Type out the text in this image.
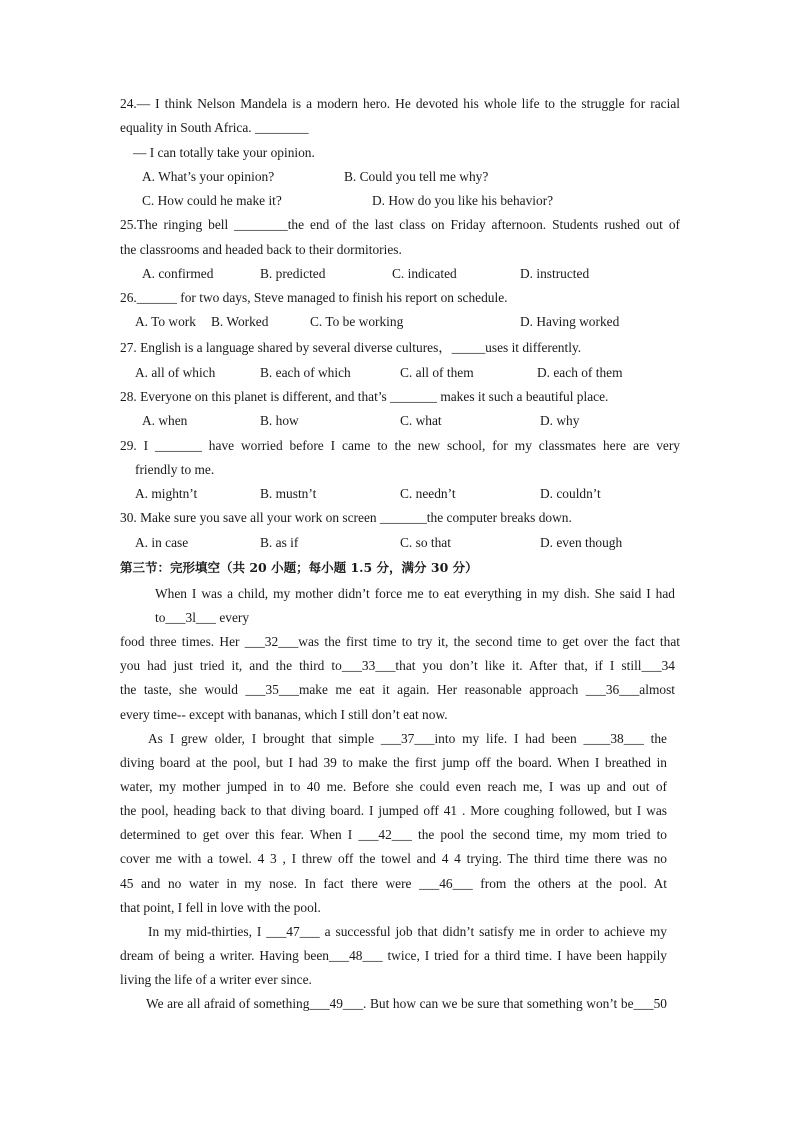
24.— I think Nelson Mandela is a modern hero. He devoted his whole life to the struggle for racial
equality in South Africa. ________
— I can totally take your opinion.
A. What’s your opinion?	B. Could you tell me why?
C. How could he make it?	D. How do you like his behavior?
25.The ringing bell ________the end of the last class on Friday afternoon. Students rushed out of
the classrooms and headed back to their dormitories.
A. confirmed	B. predicted	C. indicated	D. instructed
26.______ for two days, Steve managed to finish his report on schedule.
A. To work B. Worked	C. To be working	D. Having worked
27. English is a language shared by several diverse cultures，_____uses it differently.
A. all of which	B. each of which	C. all of them	D. each of them
28. Everyone on this planet is different, and that’s _______ makes it such a beautiful place.
A. when	B. how	C. what	D. why
29. I _______ have worried before I came to the new school, for my classmates here are very
friendly to me.
A. mightn’t	B. mustn’t	C. needn’t	D. couldn’t
30. Make sure you save all your work on screen _______the computer breaks down.
A. in case	B. as if	C. so that	D. even though
第三节：完形填空（共 20 小题；每小题 1.5 分，满分 30 分）
When I was a child, my mother didn’t force me to eat everything in my dish. She said I had
to___3l___ every
food three times. Her ___32___was the first time to try it, the second time to get over the fact that
you had just tried it, and the third to___33___that you don’t like it. After that, if I still___34
the taste, she would ___35___make me eat it again. Her reasonable approach ___36___almost
every time-- except with bananas, which I still don’t eat now.
As I grew older, I brought that simple ___37___into my life. I had been ____38___ the
diving board at the pool, but I had 39 to make the first jump off the board. When I breathed in
water, my mother jumped in to 40 me. Before she could even reach me, I was up and out of
the pool, heading back to that diving board. I jumped off 41 . More coughing followed, but I was
determined to get over this fear. When I ___42___ the pool the second time, my mom tried to
cover me with a towel. 4 3 , I threw off the towel and 4 4 trying. The third time there was no
45 and no water in my nose. In fact there were ___46___ from the others at the pool. At
that point, I fell in love with the pool.
In my mid-thirties, I ___47___ a successful job that didn’t satisfy me in order to achieve my
dream of being a writer. Having been___48___ twice, I tried for a third time. I have been happily
living the life of a writer ever since.
We are all afraid of something___49___. But how can we be sure that something won’t be___50
